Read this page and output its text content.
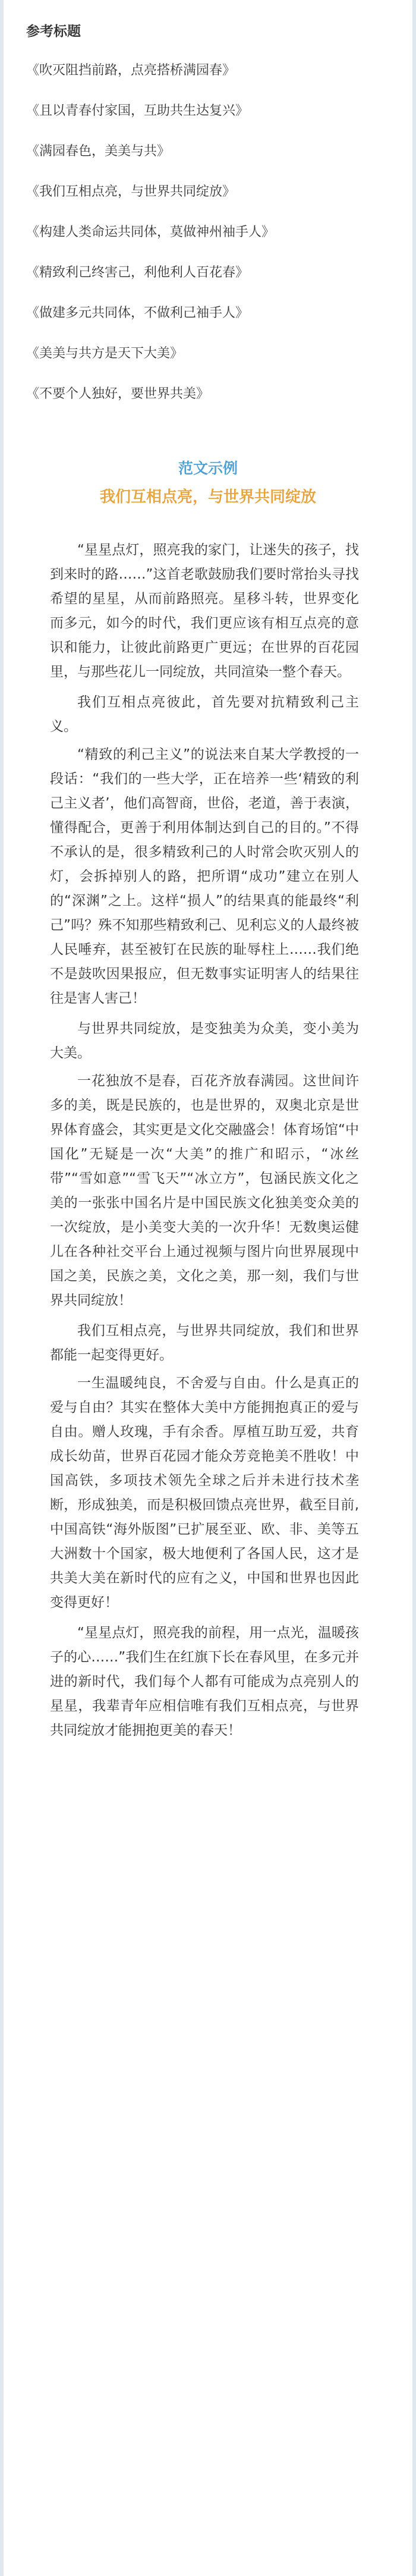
参考标题
《吹灭阻挡前路，点亮搭桥满园春》
《且以青春付家国，互助共生达复兴》
《满园春色，美美与共》
《我们互相点亮，与世界共同绽放》
《构建人类命运共同体，莫做神州袖手人》
《精致利己终害己，利他利人百花春》
《做建多元共同体，不做利己袖手人》
《美美与共方是天下大美》
《不要个人独好，要世界共美》
范文示例
我们互相点亮，与世界共同绽放

“星星点灯，照亮我的家门，让迷失的孩子，找到来时的路……”这首老歌鼓励我们要时常抬头寻找希望的星星，从而前路照亮。星移斗转，世界变化而多元，如今的时代，我们更应该有相互点亮的意识和能力，让彼此前路更广更远；在世界的百花园里，与那些花儿一同绽放，共同渲染一整个春天。

我们互相点亮彼此，首先要对抗精致利己主义。

“精致的利己主义”的说法来自某大学教授的一段话：“我们的一些大学，正在培养一些‘精致的利己主义者’，他们高智商，世俗，老道，善于表演，懂得配合，更善于利用体制达到自己的目的。”不得不承认的是，很多精致利己的人时常会吹灭别人的灯，会拆掉别人的路，把所谓“成功”建立在别人的“深渊”之上。这样“损人”的结果真的能最终“利己”吗？殊不知那些精致利己、见利忘义的人最终被人民唾弃，甚至被钉在民族的耻辱柱上……我们绝不是鼓吹因果报应，但无数事实证明害人的结果往往是害人害己！

与世界共同绽放，是变独美为众美，变小美为大美。

一花独放不是春，百花齐放春满园。这世间许多的美，既是民族的，也是世界的，双奥北京是世界体育盛会，其实更是文化交融盛会！体育场馆“中国化”无疑是一次“大美”的推广和昭示，“冰丝带”“雪如意”“雪飞天”“冰立方”，包涵民族文化之美的一张张中国名片是中国民族文化独美变众美的一次绽放，是小美变大美的一次升华！无数奥运健儿在各种社交平台上通过视频与图片向世界展现中国之美，民族之美，文化之美，那一刻，我们与世界共同绽放！

我们互相点亮，与世界共同绽放，我们和世界都能一起变得更好。

一生温暖纯良，不舍爱与自由。什么是真正的爱与自由？其实在整体大美中方能拥抱真正的爱与自由。赠人玫瑰，手有余香。厚植互助互爱，共育成长幼苗，世界百花园才能众芳竞艳美不胜收！中国高铁，多项技术领先全球之后并未进行技术垄断，形成独美，而是积极回馈点亮世界，截至目前,中国高铁“海外版图”已扩展至亚、欧、非、美等五大洲数十个国家，极大地便利了各国人民，这才是共美大美在新时代的应有之义，中国和世界也因此变得更好！

“星星点灯，照亮我的前程，用一点光，温暖孩子的心……”我们生在红旗下长在春风里，在多元并进的新时代，我们每个人都有可能成为点亮别人的星星，我辈青年应相信唯有我们互相点亮，与世界共同绽放才能拥抱更美的春天！
